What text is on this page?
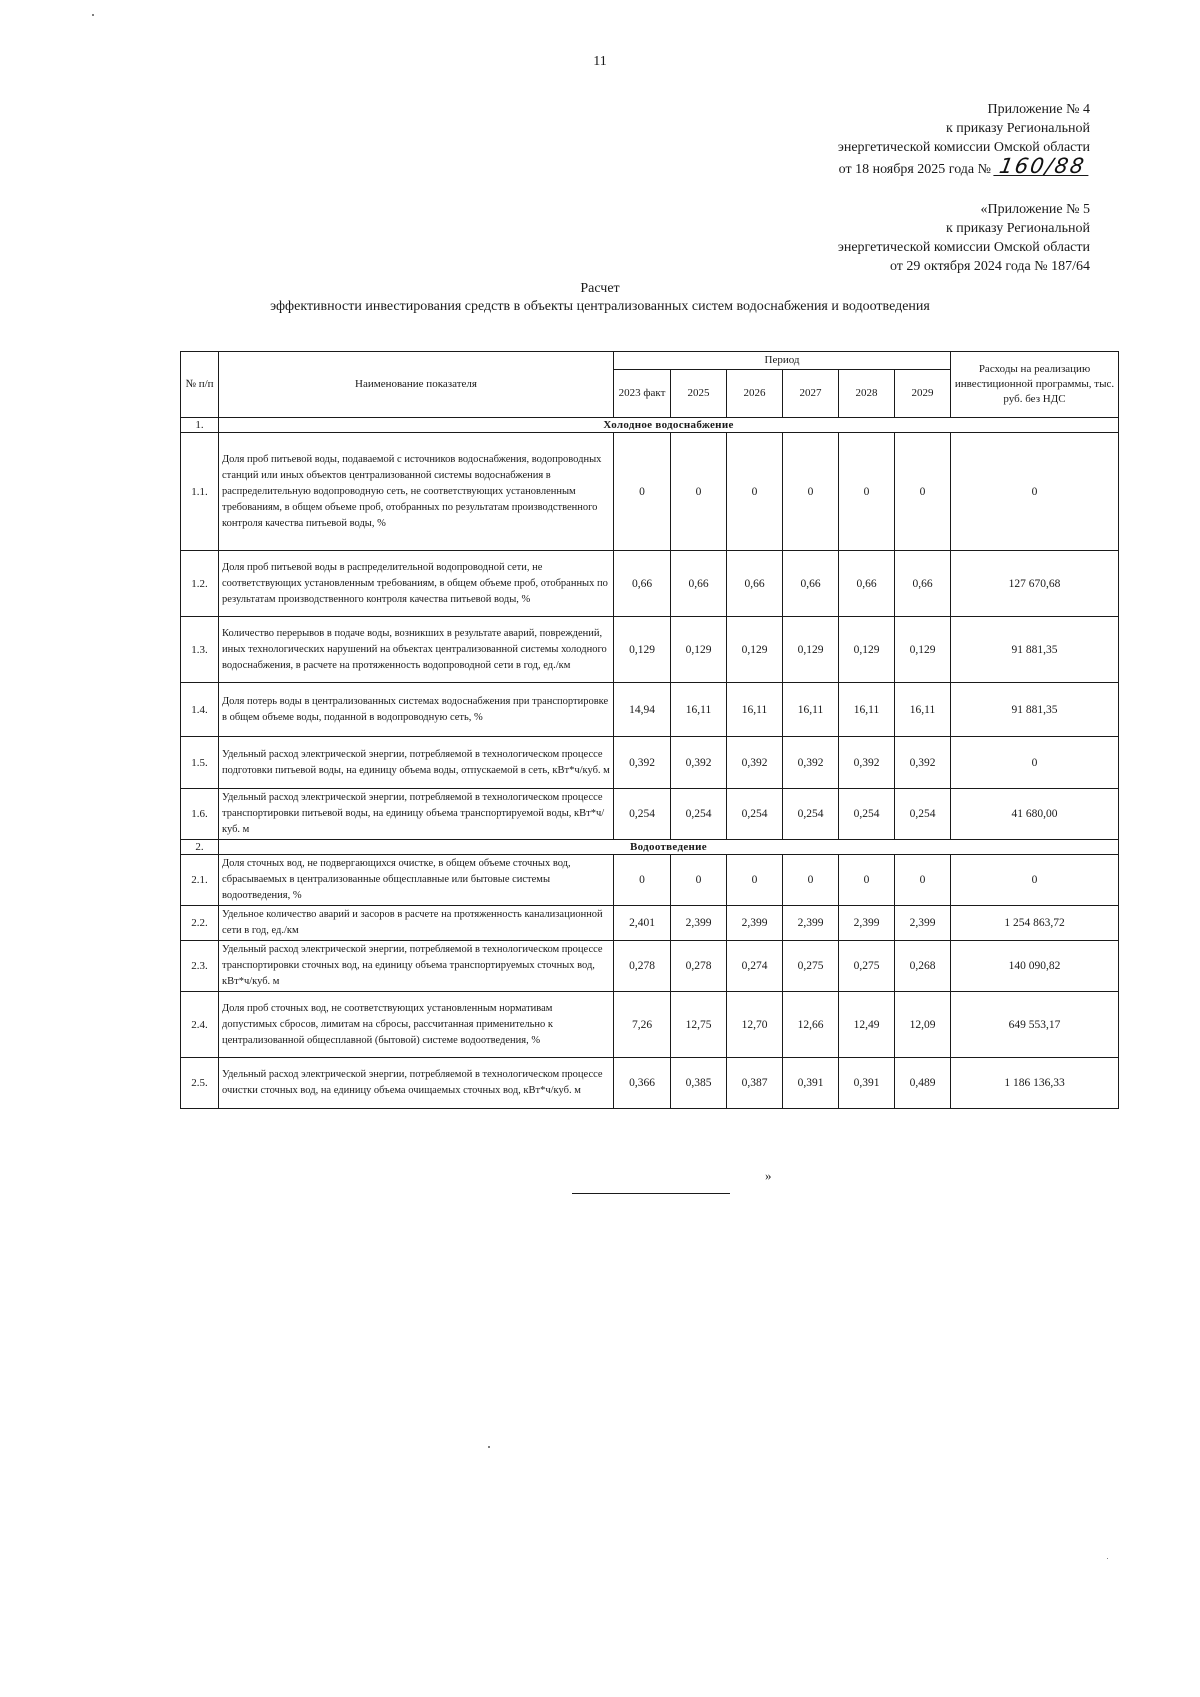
11
Приложение № 4
к приказу Региональной
энергетической комиссии Омской области
от 18 ноября 2025 года № 160/88
«Приложение № 5
к приказу Региональной
энергетической комиссии Омской области
от 29 октября 2024 года № 187/64
Расчет
эффективности инвестирования средств в объекты централизованных систем водоснабжения и водоотведения
№ п/п	Наименование показателя	Период						Расходы на реализацию инвестиционной программы, тыс. руб. без НДС
		2023 факт	2025	2026	2027	2028	2029	
1.	Холодное водоснабжение							
1.1.	Доля проб питьевой воды, подаваемой с источников водоснабжения, водопроводных станций или иных объектов централизованной системы водоснабжения в распределительную водопроводную сеть, не соответствующих установленным требованиям, в общем объеме проб, отобранных по результатам производственного контроля качества питьевой воды, %	0	0	0	0	0	0	0
1.2.	Доля проб питьевой воды в распределительной водопроводной сети, не соответствующих установленным требованиям, в общем объеме проб, отобранных по результатам производственного контроля качества питьевой воды, %	0,66	0,66	0,66	0,66	0,66	0,66	127 670,68
1.3.	Количество перерывов в подаче воды, возникших в результате аварий, повреждений, иных технологических нарушений на объектах централизованной системы холодного водоснабжения, в расчете на протяженность водопроводной сети в год, ед./км	0,129	0,129	0,129	0,129	0,129	0,129	91 881,35
1.4.	Доля потерь воды в централизованных системах водоснабжения при транспортировке в общем объеме воды, поданной в водопроводную сеть, %	14,94	16,11	16,11	16,11	16,11	16,11	91 881,35
1.5.	Удельный расход электрической энергии, потребляемой в технологическом процессе подготовки питьевой воды, на единицу объема воды, отпускаемой в сеть, кВт*ч/куб. м	0,392	0,392	0,392	0,392	0,392	0,392	0
1.6.	Удельный расход электрической энергии, потребляемой в технологическом процессе транспортировки питьевой воды, на единицу объема транспортируемой воды, кВт*ч/куб. м	0,254	0,254	0,254	0,254	0,254	0,254	41 680,00
2.	Водоотведение							
2.1.	Доля сточных вод, не подвергающихся очистке, в общем объеме сточных вод, сбрасываемых в централизованные общесплавные или бытовые системы водоотведения, %	0	0	0	0	0	0	0
2.2.	Удельное количество аварий и засоров в расчете на протяженность канализационной сети в год, ед./км	2,401	2,399	2,399	2,399	2,399	2,399	1 254 863,72
2.3.	Удельный расход электрической энергии, потребляемой в технологическом процессе транспортировки сточных вод, на единицу объема транспортируемых сточных вод, кВт*ч/куб. м	0,278	0,278	0,274	0,275	0,275	0,268	140 090,82
2.4.	Доля проб сточных вод, не соответствующих установленным нормативам допустимых сбросов, лимитам на сбросы, рассчитанная применительно к централизованной общесплавной (бытовой) системе водоотведения, %	7,26	12,75	12,70	12,66	12,49	12,09	649 553,17
2.5.	Удельный расход электрической энергии, потребляемой в технологическом процессе очистки сточных вод, на единицу объема очищаемых сточных вод, кВт*ч/куб. м	0,366	0,385	0,387	0,391	0,391	0,489	1 186 136,33
»
